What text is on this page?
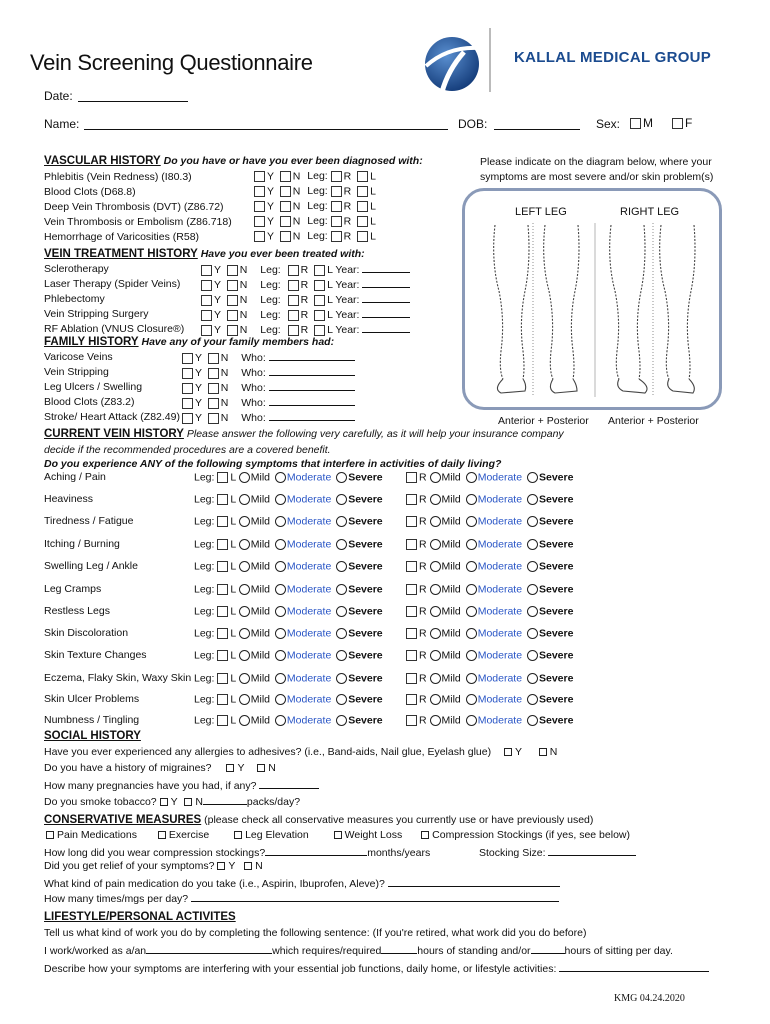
Vein Screening Questionnaire	KALLAL MEDICAL GROUP
Date:
Name:	DOB:	Sex:	M	F
VASCULAR HISTORY Do you have or have you ever been diagnosed with:
Phlebitis (Vein Redness) (I80.3)	Y N Leg: R L
Blood Clots (D68.8)	Y N Leg: R L
Deep Vein Thrombosis (DVT) (Z86.72)	Y N Leg: R L
Vein Thrombosis or Embolism (Z86.718)	Y N Leg: R L
Hemorrhage of Varicosities (R58)	Y N Leg: R L
VEIN TREATMENT HISTORY Have you ever been treated with:
Sclerotherapy	Y N Leg: R L Year:
Laser Therapy (Spider Veins)	Y N Leg: R L Year:
Phlebectomy	Y N Leg: R L Year:
Vein Stripping Surgery	Y N Leg: R L Year:
RF Ablation (VNUS Closure®)	Y N Leg: R L Year:
FAMILY HISTORY Have any of your family members had:
Varicose Veins	Y N Who:
Vein Stripping	Y N Who:
Leg Ulcers / Swelling	Y N Who:
Blood Clots (Z83.2)	Y N Who:
Stroke/ Heart Attack (Z82.49)	Y N Who:
Please indicate on the diagram below, where your
symptoms are most severe and/or skin problem(s)
LEFT LEG	RIGHT LEG
Anterior + Posterior Anterior + Posterior
CURRENT VEIN HISTORY Please answer the following very carefully, as it will help your insurance company
decide if the recommended procedures are a covered benefit.
Do you experience ANY of the following symptoms that interfere in activities of daily living?
Aching / Pain	Leg: L Mild Moderate Severe	R Mild Moderate Severe
Heaviness	Leg: L Mild Moderate Severe	R Mild Moderate Severe
Tiredness / Fatigue	Leg: L Mild Moderate Severe	R Mild Moderate Severe
Itching / Burning	Leg: L Mild Moderate Severe	R Mild Moderate Severe
Swelling Leg / Ankle	Leg: L Mild Moderate Severe	R Mild Moderate Severe
Leg Cramps	Leg: L Mild Moderate Severe	R Mild Moderate Severe
Restless Legs	Leg: L Mild Moderate Severe	R Mild Moderate Severe
Skin Discoloration	Leg: L Mild Moderate Severe	R Mild Moderate Severe
Skin Texture Changes	Leg: L Mild Moderate Severe	R Mild Moderate Severe
Eczema, Flaky Skin, Waxy Skin Leg: L Mild Moderate Severe	R Mild Moderate Severe
Skin Ulcer Problems	Leg: L Mild Moderate Severe	R Mild Moderate Severe
Numbness / Tingling	Leg: L Mild Moderate Severe	R Mild Moderate Severe
SOCIAL HISTORY
Have you ever experienced any allergies to adhesives? (i.e., Band-aids, Nail glue, Eyelash glue) Y	N
Do you have a history of migraines? Y N
How many pregnancies have you had, if any?
Do you smoke tobacco? Y N	packs/day?
CONSERVATIVE MEASURES (please check all conservative measures you currently use or have previously used)
Pain Medications	Exercise	Leg Elevation	Weight Loss	Compression Stockings (if yes, see below)
How long did you wear compression stockings?	months/years	Stocking Size:
Did you get relief of your symptoms? Y N
What kind of pain medication do you take (i.e., Aspirin, Ibuprofen, Aleve)?
How many times/mgs per day?
LIFESTYLE/PERSONAL ACTIVITES
Tell us what kind of work you do by completing the following sentence: (If you're retired, what work did you do before)
I work/worked as a/an	which requires/required	hours of standing and/or	hours of sitting per day.
Describe how your symptoms are interfering with your essential job functions, daily home, or lifestyle activities:
KMG 04.24.2020
